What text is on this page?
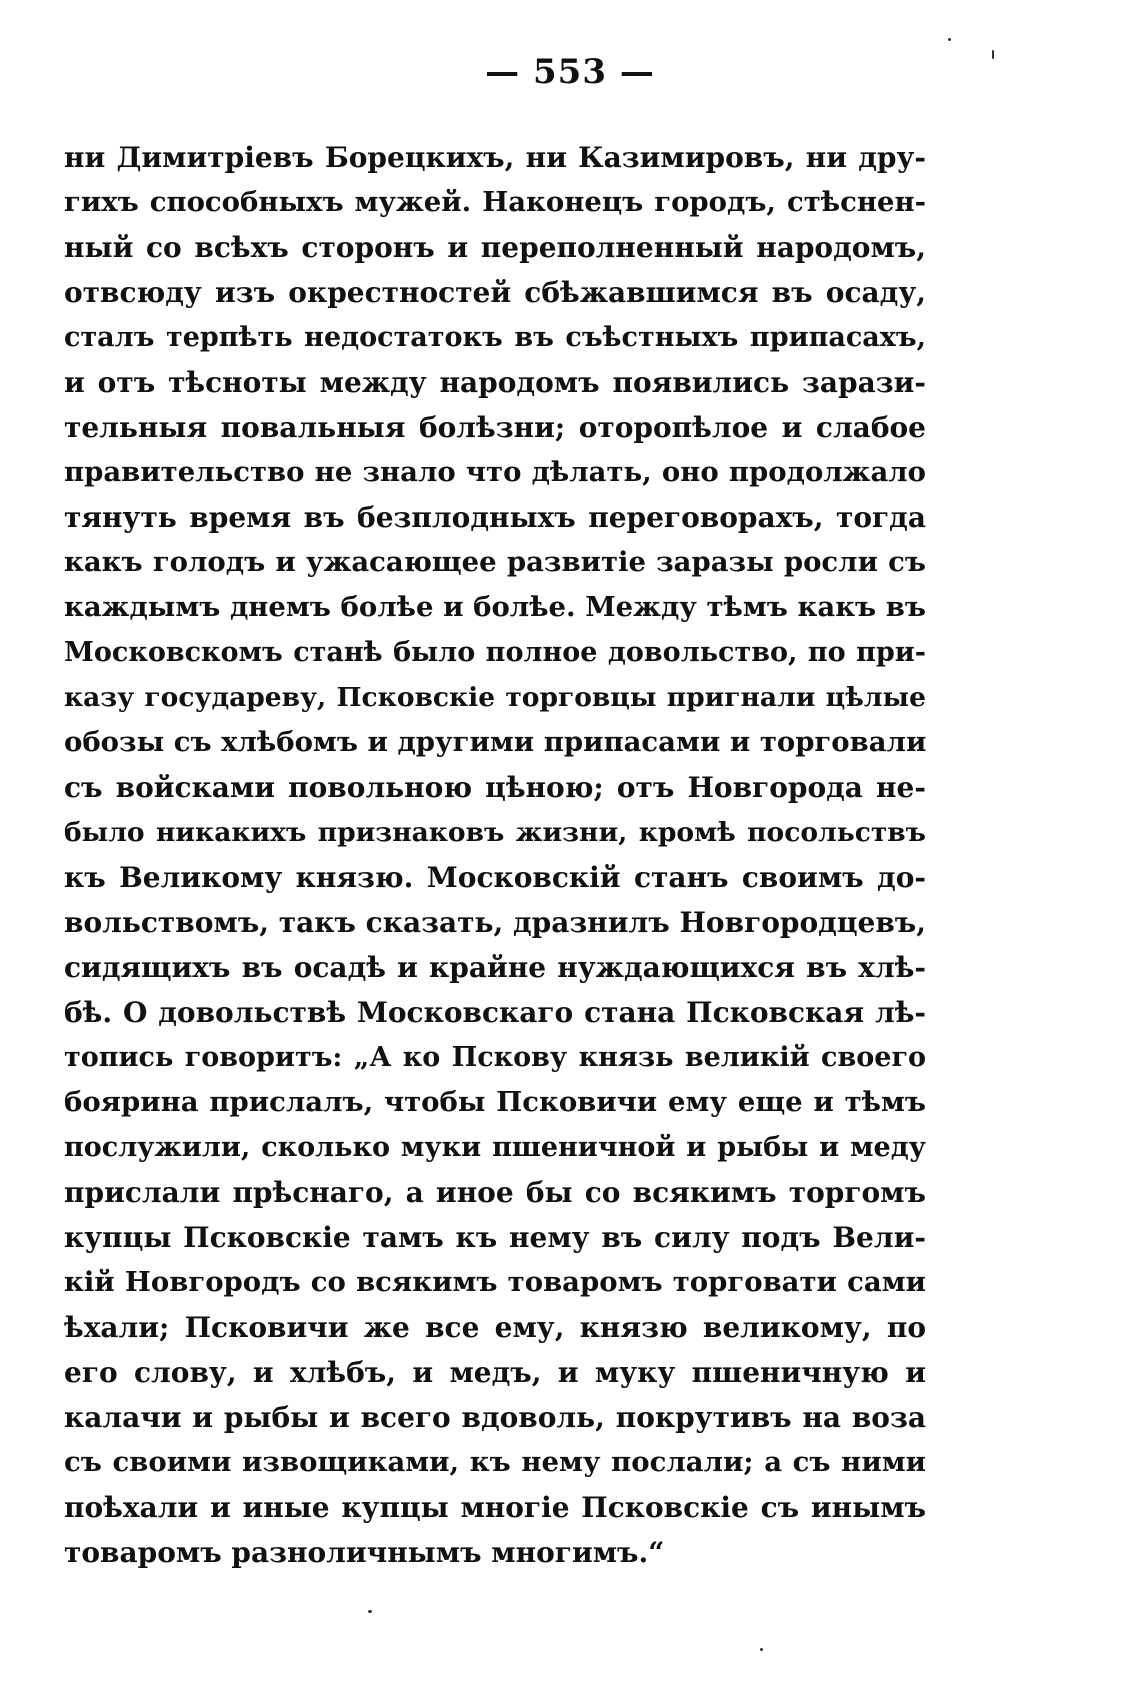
— 553 —
ни Димитріевъ Борецкихъ, ни Казимировъ, ни дру-
гихъ способныхъ мужей. Наконецъ городъ, стѣснен-
ный со всѣхъ сторонъ и переполненный народомъ,
отвсюду изъ окрестностей сбѣжавшимся въ осаду,
сталъ терпѣть недостатокъ въ съѣстныхъ припасахъ,
и отъ тѣсноты между народомъ появились зарази-
тельныя повальныя болѣзни; оторопѣлое и слабое
правительство не знало что дѣлать, оно продолжало
тянуть время въ безплодныхъ переговорахъ, тогда
какъ голодъ и ужасающее развитіе заразы росли съ
каждымъ днемъ болѣе и болѣе. Между тѣмъ какъ въ
Московскомъ станѣ было полное довольство, по при-
казу государеву, Псковскіе торговцы пригнали цѣлые
обозы съ хлѣбомъ и другими припасами и торговали
съ войсками повольною цѣною; отъ Новгорода не-
было никакихъ признаковъ жизни, кромѣ посольствъ
къ Великому князю. Московскій станъ своимъ до-
вольствомъ, такъ сказать, дразнилъ Новгородцевъ,
сидящихъ въ осадѣ и крайне нуждающихся въ хлѣ-
бѣ. О довольствѣ Московскаго стана Псковская лѣ-
топись говоритъ: „А ко Пскову князь великій своего
боярина прислалъ, чтобы Псковичи ему еще и тѣмъ
послужили, сколько муки пшеничной и рыбы и меду
прислали прѣснаго, а иное бы со всякимъ торгомъ
купцы Псковскіе тамъ къ нему въ силу подъ Вели-
кій Новгородъ со всякимъ товаромъ торговати сами
ѣхали; Псковичи же все ему, князю великому, по
его слову, и хлѣбъ, и медъ, и муку пшеничную и
калачи и рыбы и всего вдоволь, покрутивъ на воза
съ своими извощиками, къ нему послали; а съ ними
поѣхали и иные купцы многіе Псковскіе съ инымъ
товаромъ разноличнымъ многимъ.“
